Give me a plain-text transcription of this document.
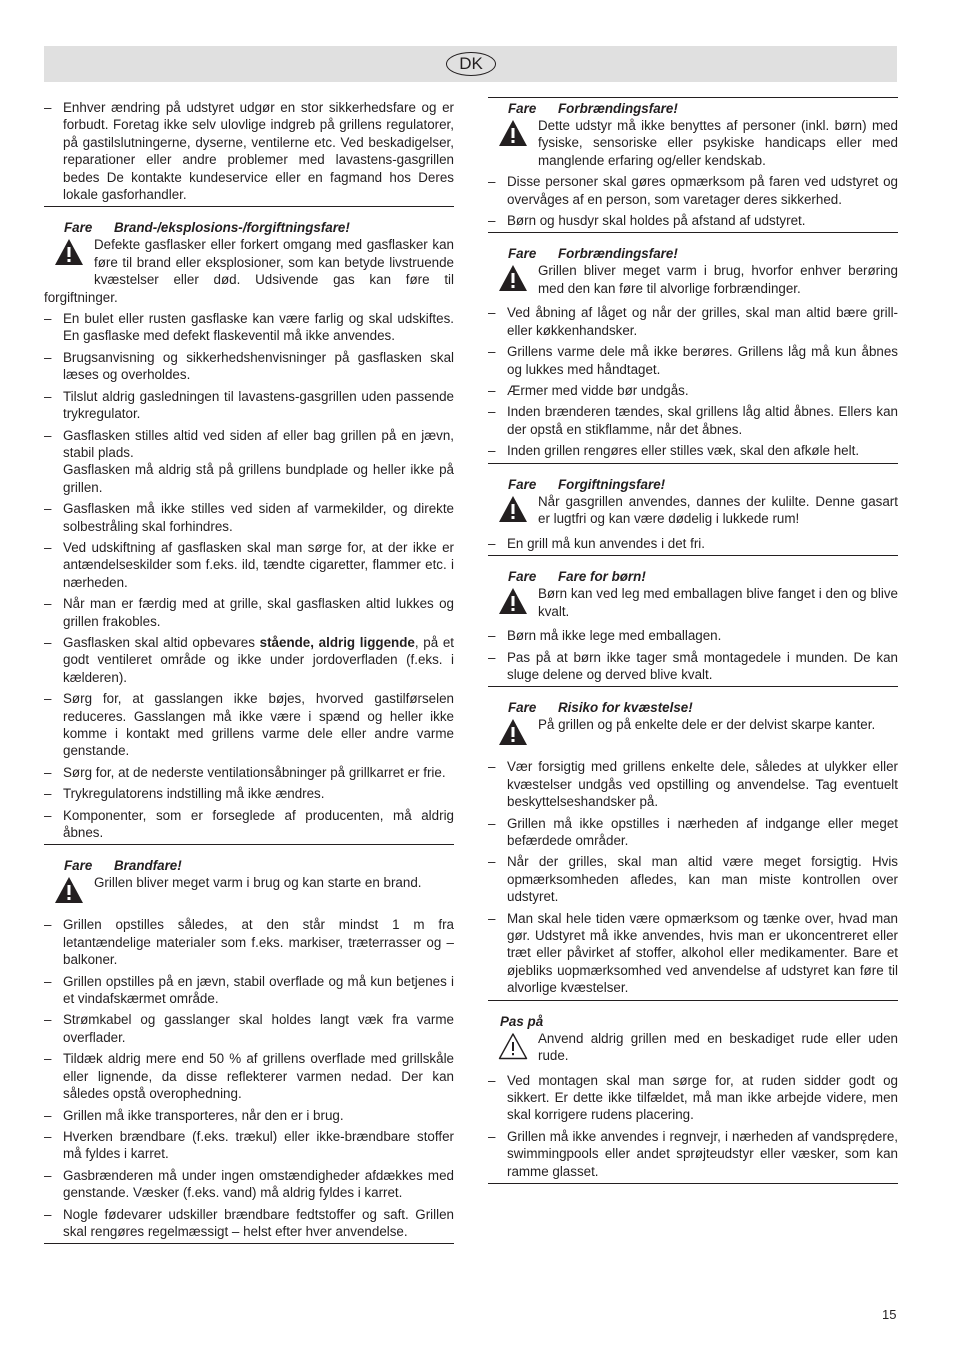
DK
– Enhver ændring på udstyret udgør en stor sikkerhedsfare og er forbudt. Foretag ikke selv ulovlige indgreb på grillens regulatorer, på gastilslutningerne, dyserne, ventilerne etc. Ved beskadigelser, reparationer eller andre problemer med lavastens-gasgrillen bedes De kontakte kundeservice eller en fagmand hos Deres lokale gasforhandler.
Fare Brand-/eksplosions-/forgiftningsfare!
Defekte gasflasker eller forkert omgang med gasflasker kan føre til brand eller eksplosioner, som kan betyde livstruende kvæstelser eller død. Udsivende gas kan føre til forgiftninger.
– En bulet eller rusten gasflaske kan være farlig og skal udskiftes. En gasflaske med defekt flaskeventil må ikke anvendes.
– Brugsanvisning og sikkerhedshenvisninger på gasflasken skal læses og overholdes.
– Tilslut aldrig gasledningen til lavastens-gasgrillen uden passende trykregulator.
– Gasflasken stilles altid ved siden af eller bag grillen på en jævn, stabil plads.
Gasflasken må aldrig stå på grillens bundplade og heller ikke på grillen.
– Gasflasken må ikke stilles ved siden af varmekilder, og direkte solbestråling skal forhindres.
– Ved udskiftning af gasflasken skal man sørge for, at der ikke er antændelseskilder som f.eks. ild, tændte cigaretter, flammer etc. i nærheden.
– Når man er færdig med at grille, skal gasflasken altid lukkes og grillen frakobles.
– Gasflasken skal altid opbevares stående, aldrig liggende, på et godt ventileret område og ikke under jordoverfladen (f.eks. i kælderen).
– Sørg for, at gasslangen ikke bøjes, hvorved gastilførselen reduceres. Gasslangen må ikke være i spænd og heller ikke komme i kontakt med grillens varme dele eller andre varme genstande.
– Sørg for, at de nederste ventilationsåbninger på grillkarret er frie.
– Trykregulatorens indstilling må ikke ændres.
– Komponenter, som er forseglede af producenten, må aldrig åbnes.
Fare Brandfare!
Grillen bliver meget varm i brug og kan starte en brand.
– Grillen opstilles således, at den står mindst 1 m fra letantændelige materialer som f.eks. markiser, træterrasser og –balkoner.
– Grillen opstilles på en jævn, stabil overflade og må kun betjenes i et vindafskærmet område.
– Strømkabel og gasslanger skal holdes langt væk fra varme overflader.
– Tildæk aldrig mere end 50 % af grillens overflade med grillskåle eller lignende, da disse reflekterer varmen nedad. Der kan således opstå overophedning.
– Grillen må ikke transporteres, når den er i brug.
– Hverken brændbare (f.eks. trækul) eller ikke-brændbare stoffer må fyldes i karret.
– Gasbrænderen må under ingen omstændigheder afdækkes med genstande. Væsker (f.eks. vand) må aldrig fyldes i karret.
– Nogle fødevarer udskiller brændbare fedtstoffer og saft. Grillen skal rengøres regelmæssigt – helst efter hver anvendelse.
Fare Forbrændingsfare!
Dette udstyr må ikke benyttes af personer (inkl. børn) med fysiske, sensoriske eller psykiske handicaps eller med manglende erfaring og/eller kendskab.
– Disse personer skal gøres opmærksom på faren ved udstyret og overvåges af en person, som varetager deres sikkerhed.
– Børn og husdyr skal holdes på afstand af udstyret.
Fare Forbrændingsfare!
Grillen bliver meget varm i brug, hvorfor enhver berøring med den kan føre til alvorlige forbrændinger.
– Ved åbning af låget og når der grilles, skal man altid bære grill- eller køkkenhandsker.
– Grillens varme dele må ikke berøres. Grillens låg må kun åbnes og lukkes med håndtaget.
– Ærmer med vidde bør undgås.
– Inden brænderen tændes, skal grillens låg altid åbnes. Ellers kan der opstå en stikflamme, når det åbnes.
– Inden grillen rengøres eller stilles væk, skal den afkøle helt.
Fare Forgiftningsfare!
Når gasgrillen anvendes, dannes der kulilte. Denne gasart er lugtfri og kan være dødelig i lukkede rum!
– En grill må kun anvendes i det fri.
Fare Fare for børn!
Børn kan ved leg med emballagen blive fanget i den og blive kvalt.
– Børn må ikke lege med emballagen.
– Pas på at børn ikke tager små montagedele i munden. De kan sluge delene og derved blive kvalt.
Fare Risiko for kvæstelse!
På grillen og på enkelte dele er der delvist skarpe kanter.
– Vær forsigtig med grillens enkelte dele, således at ulykker eller kvæstelser undgås ved opstilling og anvendelse. Tag eventuelt beskyttelseshandsker på.
– Grillen må ikke opstilles i nærheden af indgange eller meget befærdede områder.
– Når der grilles, skal man altid være meget forsigtig. Hvis opmærksomheden afledes, kan man miste kontrollen over udstyret.
– Man skal hele tiden være opmærksom og tænke over, hvad man gør. Udstyret må ikke anvendes, hvis man er ukoncentreret eller træt eller påvirket af stoffer, alkohol eller medikamenter. Bare et øjebliks uopmærksomhed ved anvendelse af udstyret kan føre til alvorlige kvæstelser.
Pas på
Anvend aldrig grillen med en beskadiget rude eller uden rude.
– Ved montagen skal man sørge for, at ruden sidder godt og sikkert. Er dette ikke tilfældet, må man ikke arbejde videre, men skal korrigere rudens placering.
– Grillen må ikke anvendes i regnvejr, i nærheden af vandsprędere, swimmingpools eller andet sprøjteudstyr eller væsker, som kan ramme glasset.
15
